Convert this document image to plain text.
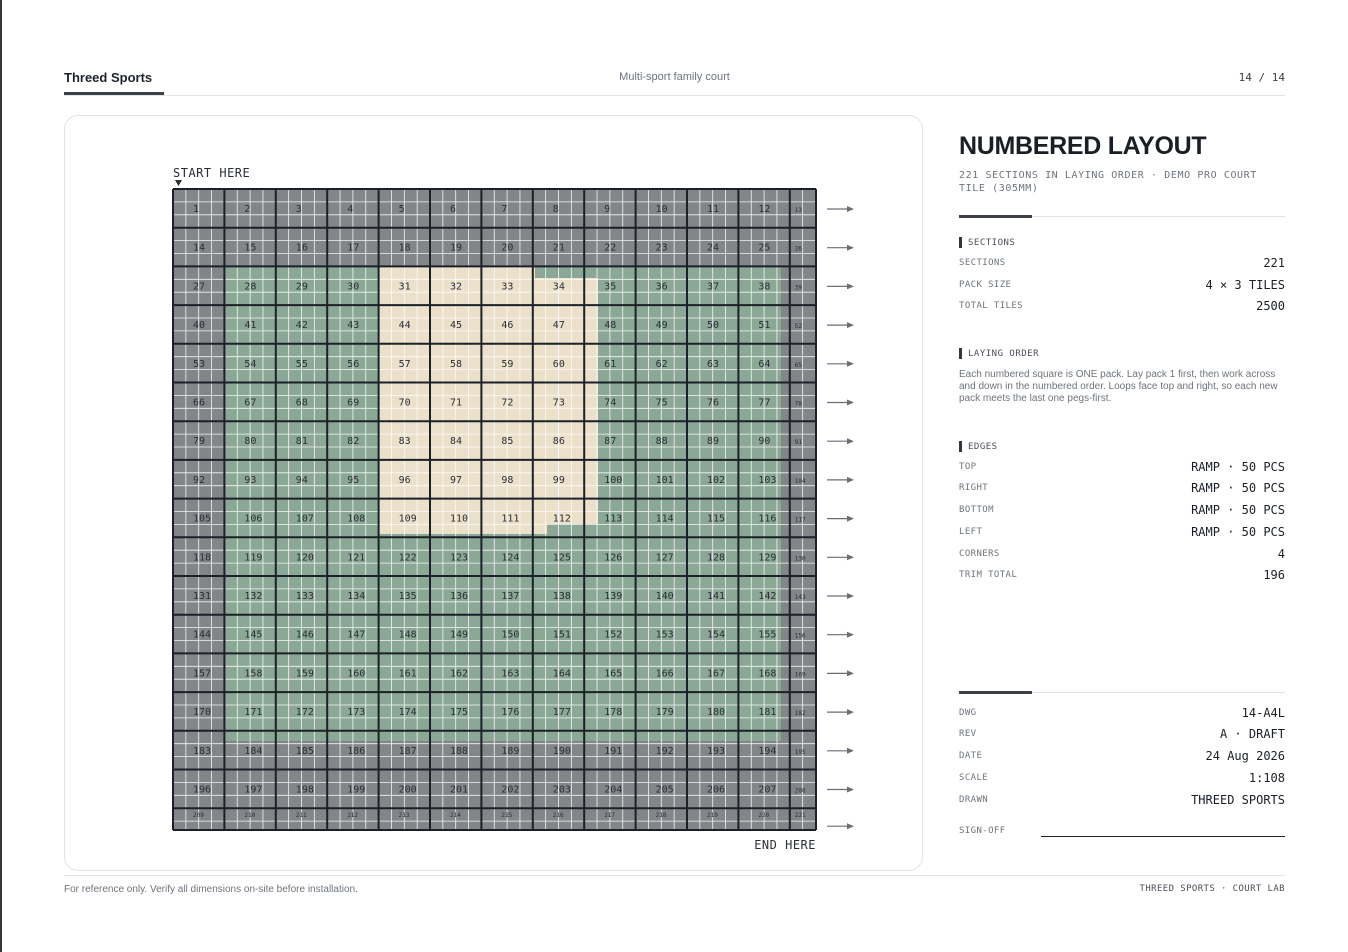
Threed Sports	Multi-sport family court	14 / 14
1	2	3	4	5	6	7	8	9	10	11	12	13
14	15	16	17	18	19	20	21	22	23	24	25	26
27	28	29	30	31	32	33	34	35	36	37	38	39
40	41	42	43	44	45	46	47	48	49	50	51	52
53	54	55	56	57	58	59	60	61	62	63	64	65
66	67	68	69	70	71	72	73	74	75	76	77	78
79	80	81	82	83	84	85	86	87	88	89	90	91
92	93	94	95	96	97	98	99	100	101	102	103	104
105	106	107	108	109	110	111	112	113	114	115	116	117
118	119	120	121	122	123	124	125	126	127	128	129	130
131	132	133	134	135	136	137	138	139	140	141	142	143
144	145	146	147	148	149	150	151	152	153	154	155	156
157	158	159	160	161	162	163	164	165	166	167	168	169
170	171	172	173	174	175	176	177	178	179	180	181	182
183	184	185	186	187	188	189	190	191	192	193	194	195
196	197	198	199	200	201	202	203	204	205	206	207	208
209	210	211	212	213	214	215	216	217	218	219	220	221
START HERE
END HERE
NUMBERED LAYOUT
221 SECTIONS IN LAYING ORDER · DEMO PRO COURT TILE (305MM)
SECTIONS
SECTIONS	221
PACK SIZE	4 × 3 TILES
TOTAL TILES	2500
LAYING ORDER
Each numbered square is ONE pack. Lay pack 1 first, then work across and down in the numbered order. Loops face top and right, so each new pack meets the last one pegs-first.
EDGES
TOP	RAMP · 50 PCS
RIGHT	RAMP · 50 PCS
BOTTOM	RAMP · 50 PCS
LEFT	RAMP · 50 PCS
CORNERS	4
TRIM TOTAL	196
DWG	14-A4L
REV	A · DRAFT
DATE	24 Aug 2026
SCALE	1:108
DRAWN	THREED SPORTS
SIGN-OFF
For reference only. Verify all dimensions on-site before installation.	THREED SPORTS · COURT LAB
